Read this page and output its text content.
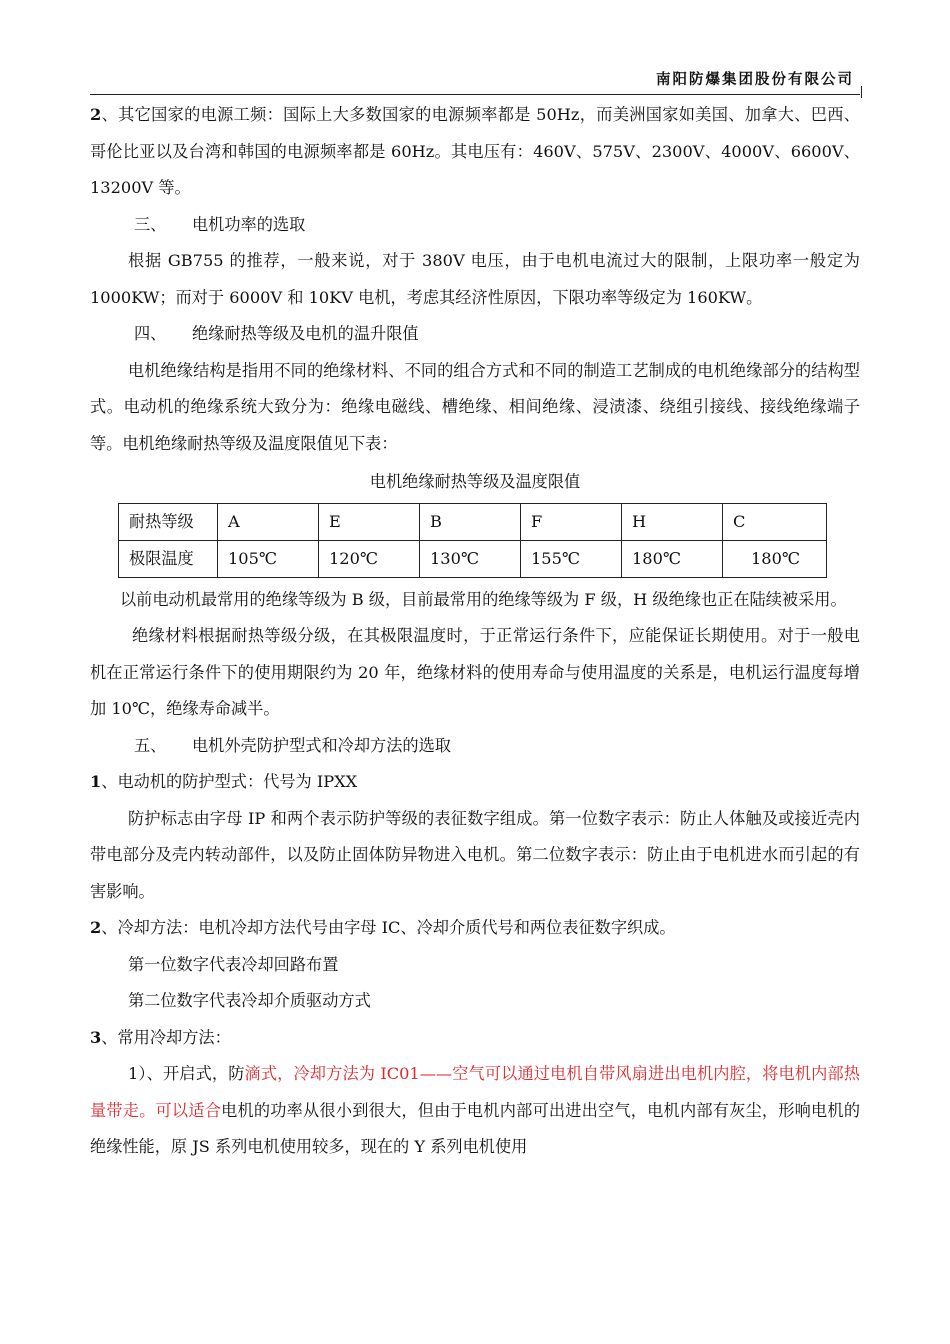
南阳防爆集团股份有限公司

2、其它国家的电源工频：国际上大多数国家的电源频率都是 50Hz，而美洲国家如美国、加拿大、巴西、哥伦比亚以及台湾和韩国的电源频率都是 60Hz。其电压有：460V、575V、2300V、4000V、6600V、13200V 等。

三、 电机功率的选取

根据 GB755 的推荐，一般来说，对于 380V 电压，由于电机电流过大的限制，上限功率一般定为 1000KW；而对于 6000V 和 10KV 电机，考虑其经济性原因，下限功率等级定为 160KW。

四、 绝缘耐热等级及电机的温升限值

电机绝缘结构是指用不同的绝缘材料、不同的组合方式和不同的制造工艺制成的电机绝缘部分的结构型式。电动机的绝缘系统大致分为：绝缘电磁线、槽绝缘、相间绝缘、浸渍漆、绕组引接线、接线绝缘端子等。电机绝缘耐热等级及温度限值见下表：

电机绝缘耐热等级及温度限值
耐热等级	A	E	B	F	H	C
极限温度	105℃	120℃	130℃	155℃	180℃	180℃

以前电动机最常用的绝缘等级为 B 级，目前最常用的绝缘等级为 F 级，H 级绝缘也正在陆续被采用。

绝缘材料根据耐热等级分级，在其极限温度时，于正常运行条件下，应能保证长期使用。对于一般电机在正常运行条件下的使用期限约为 20 年，绝缘材料的使用寿命与使用温度的关系是，电机运行温度每增加 10℃，绝缘寿命减半。

五、 电机外壳防护型式和冷却方法的选取

1、电动机的防护型式：代号为 IPXX

防护标志由字母 IP 和两个表示防护等级的表征数字组成。第一位数字表示：防止人体触及或接近壳内带电部分及壳内转动部件，以及防止固体防异物进入电机。第二位数字表示：防止由于电机进水而引起的有害影响。

2、冷却方法：电机冷却方法代号由字母 IC、冷却介质代号和两位表征数字织成。

第一位数字代表冷却回路布置

第二位数字代表冷却介质驱动方式

3、常用冷却方法：

1）、开启式，防滴式，冷却方法为 IC01——空气可以通过电机自带风扇进出电机内腔，将电机内部热量带走。可以适合电机的功率从很小到很大，但由于电机内部可出进出空气，电机内部有灰尘，形响电机的绝缘性能，原 JS 系列电机使用较多，现在的 Y 系列电机使用
